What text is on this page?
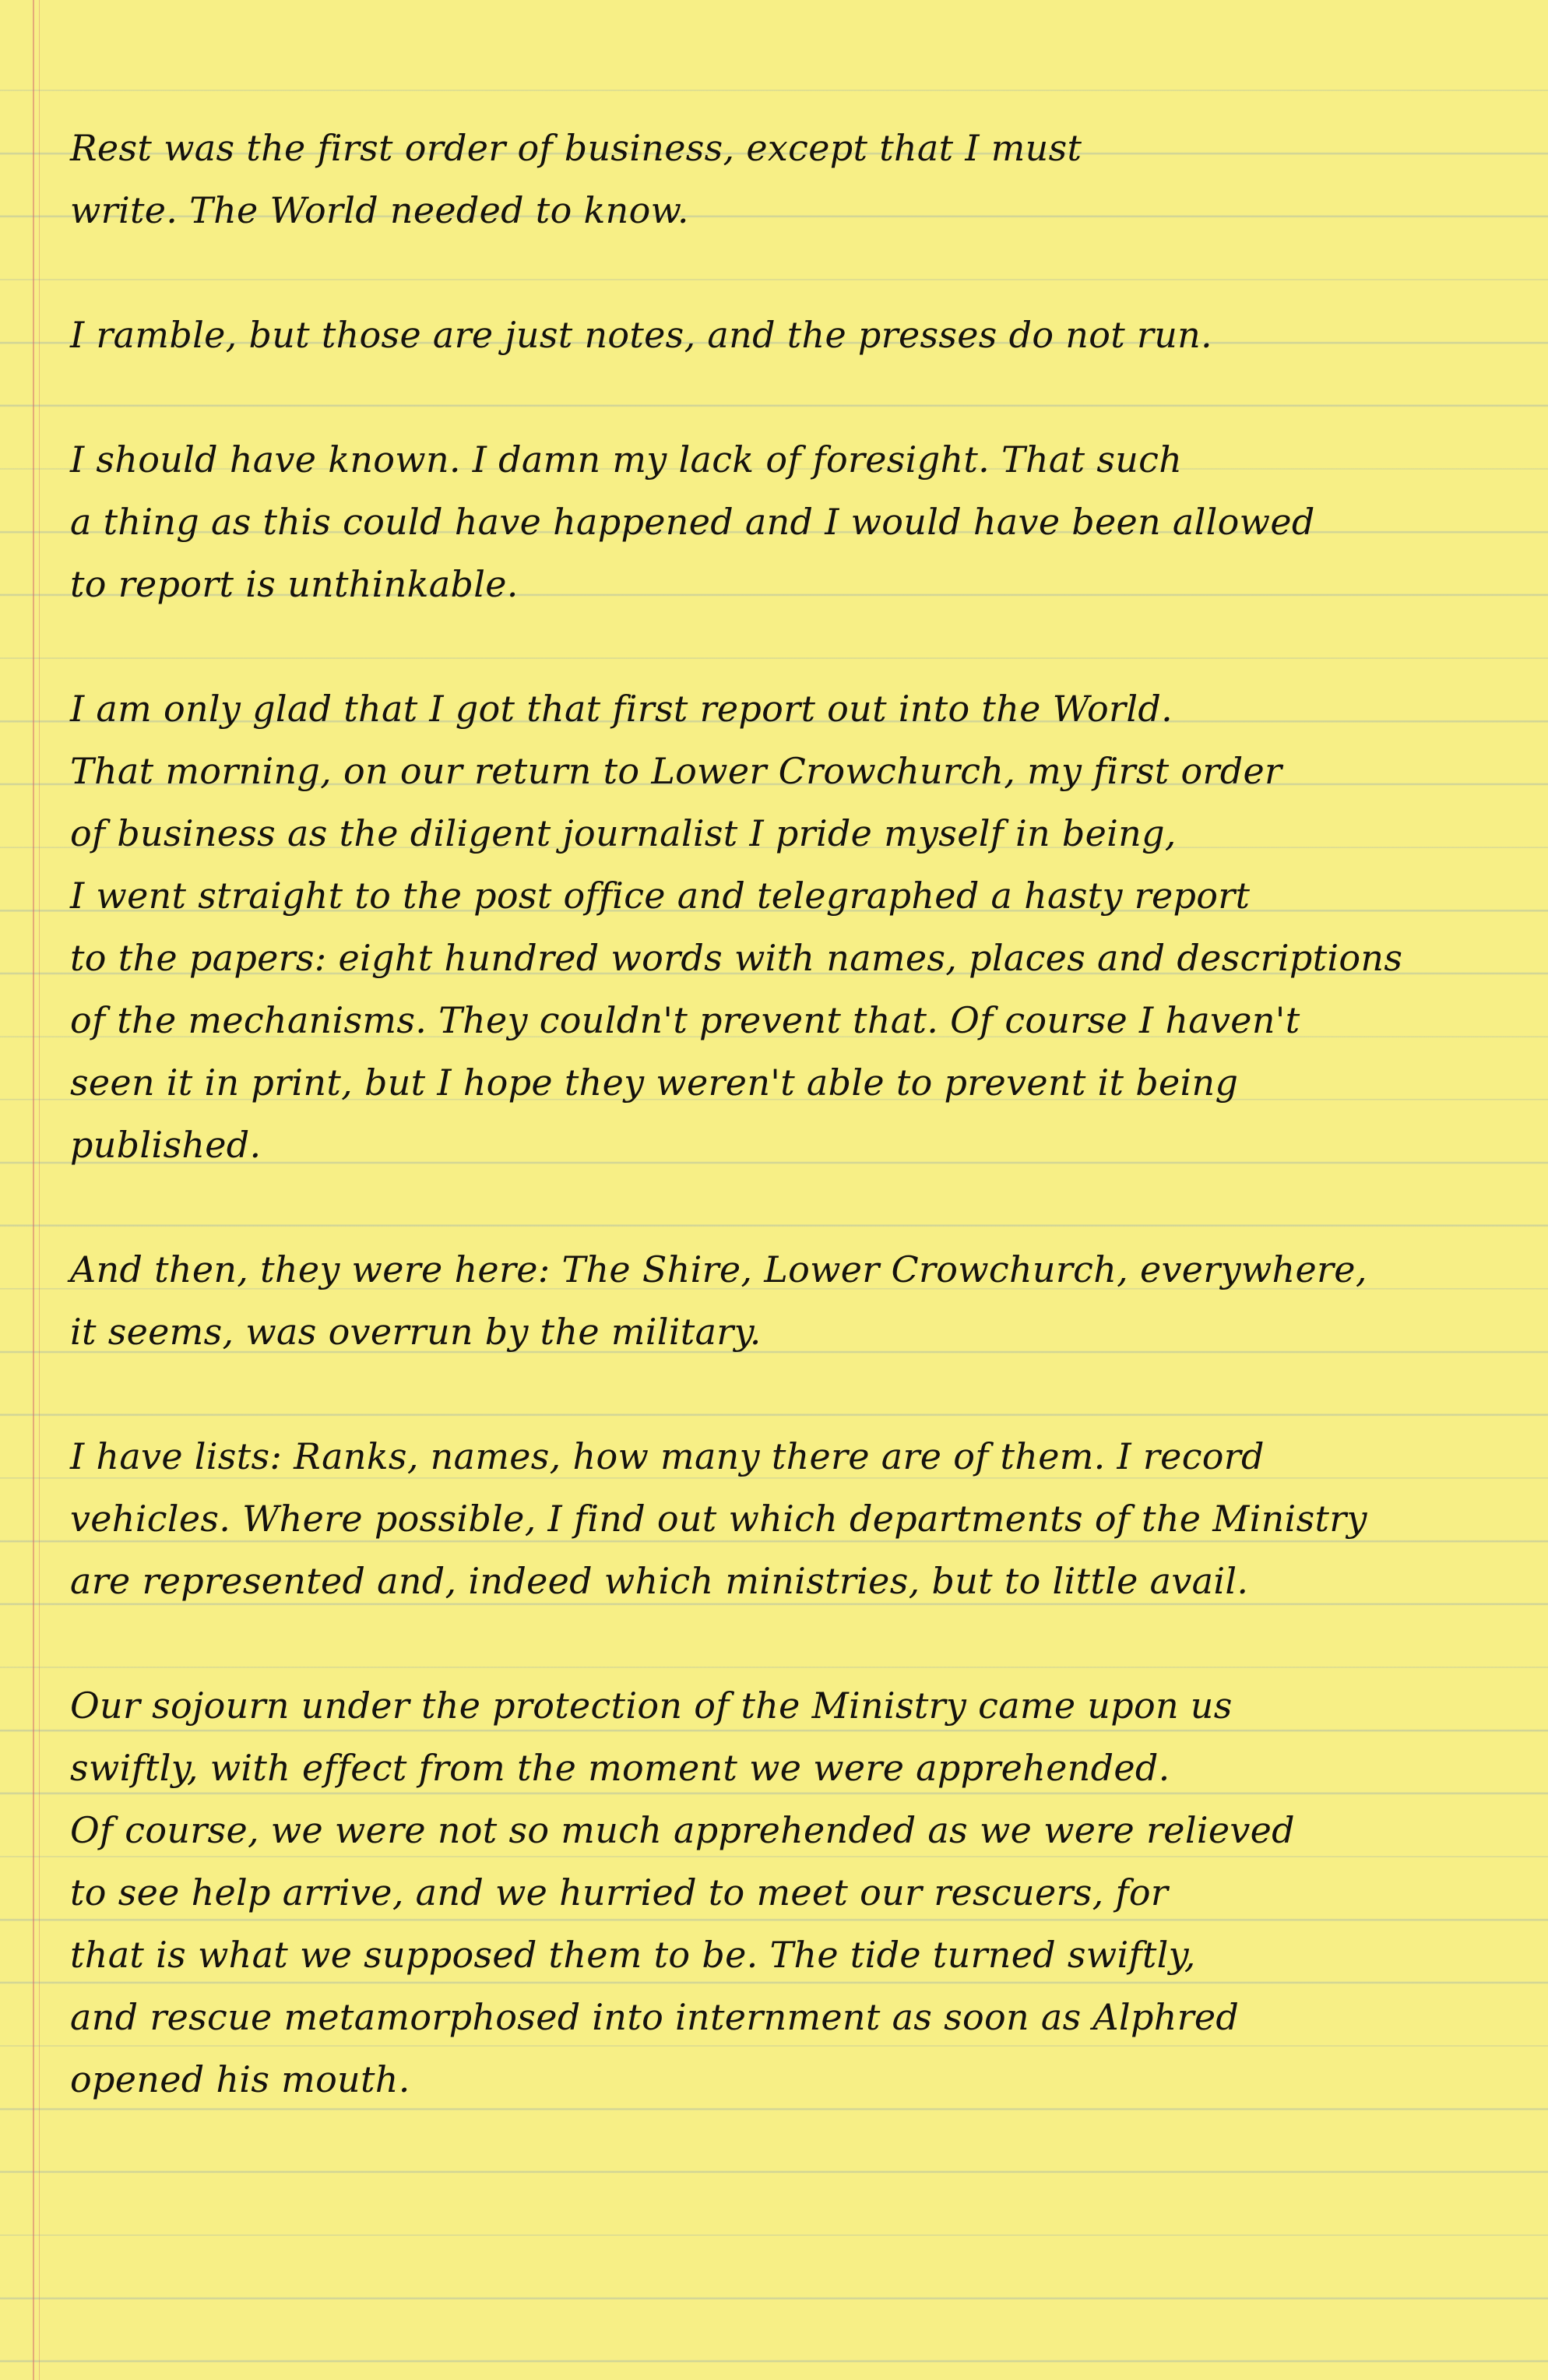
Rest was the first order of business, except that I must
write. The World needed to know.
I ramble, but those are just notes, and the presses do not run.
I should have known. I damn my lack of foresight. That such
a thing as this could have happened and I would have been allowed
to report is unthinkable.
I am only glad that I got that first report out into the World.
That morning, on our return to Lower Crowchurch, my first order
of business as the diligent journalist I pride myself in being,
I went straight to the post office and telegraphed a hasty report
to the papers: eight hundred words with names, places and descriptions
of the mechanisms. They couldn't prevent that. Of course I haven't
seen it in print, but I hope they weren't able to prevent it being
published.
And then, they were here: The Shire, Lower Crowchurch, everywhere,
it seems, was overrun by the military.
I have lists: Ranks, names, how many there are of them. I record
vehicles. Where possible, I find out which departments of the Ministry
are represented and, indeed which ministries, but to little avail.
Our sojourn under the protection of the Ministry came upon us
swiftly, with effect from the moment we were apprehended.
Of course, we were not so much apprehended as we were relieved
to see help arrive, and we hurried to meet our rescuers, for
that is what we supposed them to be. The tide turned swiftly,
and rescue metamorphosed into internment as soon as Alphred
opened his mouth.
